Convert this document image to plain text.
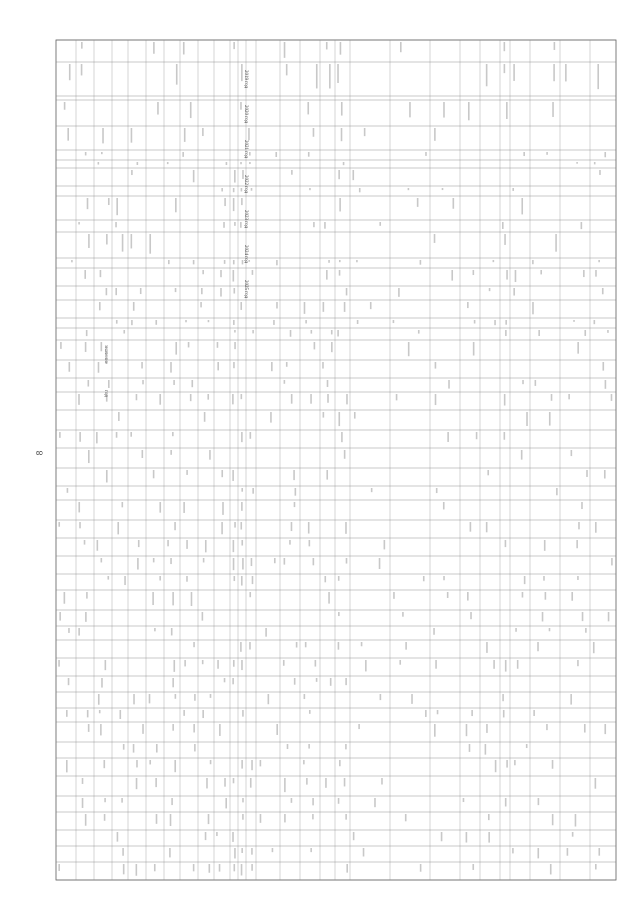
8
2019 год
2020 год
2021 год
2022 год
2023 год
2024 год
2025 год
значение
год
